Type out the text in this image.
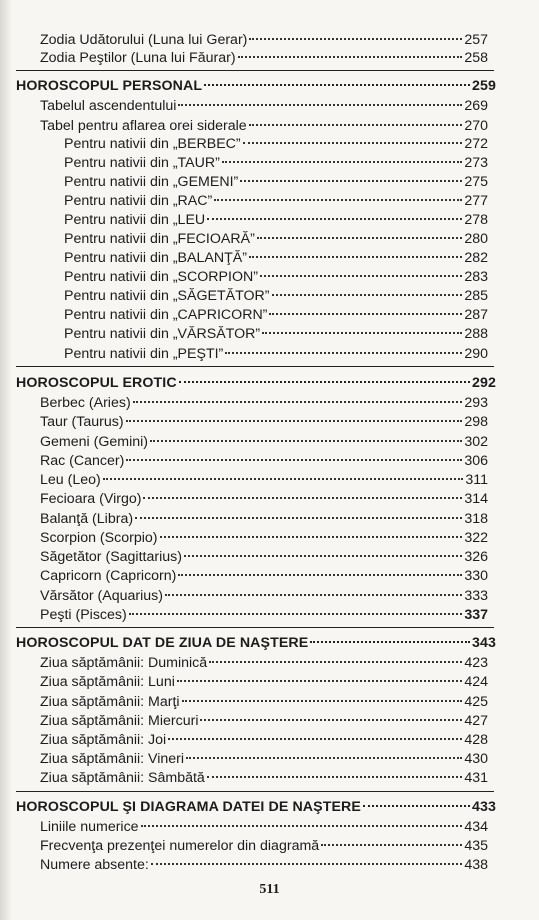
Zodia Udătorului (Luna lui Gerar)	257
Zodia Peştilor (Luna lui Făurar)	258
HOROSCOPUL PERSONAL	259
Tabelul ascendentului	269
Tabel pentru aflarea orei siderale	270
Pentru nativii din „BERBEC”	272
Pentru nativii din „TAUR”	273
Pentru nativii din „GEMENI”	275
Pentru nativii din „RAC”	277
Pentru nativii din „LEU	278
Pentru nativii din „FECIOARĂ”	280
Pentru nativii din „BALANŢĂ”	282
Pentru nativii din „SCORPION”	283
Pentru nativii din „SĂGETĂTOR”	285
Pentru nativii din „CAPRICORN”	287
Pentru nativii din „VĂRSĂTOR”	288
Pentru nativii din „PEŞTI”	290
HOROSCOPUL EROTIC	292
Berbec (Aries)	293
Taur (Taurus)	298
Gemeni (Gemini)	302
Rac (Cancer)	306
Leu (Leo)	311
Fecioara (Virgo)	314
Balanţă (Libra)	318
Scorpion (Scorpio)	322
Săgetător (Sagittarius)	326
Capricorn (Capricorn)	330
Vărsător (Aquarius)	333
Peşti (Pisces)	337
HOROSCOPUL DAT DE ZIUA DE NAŞTERE	343
Ziua săptămânii: Duminică	423
Ziua săptămânii: Luni	424
Ziua săptămânii: Marţi	425
Ziua săptămânii: Miercuri	427
Ziua săptămânii: Joi	428
Ziua săptămânii: Vineri	430
Ziua săptămânii: Sâmbătă	431
HOROSCOPUL ŞI DIAGRAMA DATEI DE NAŞTERE	433
Liniile numerice	434
Frecvenţa prezenţei numerelor din diagramă	435
Numere absente:	438
511
